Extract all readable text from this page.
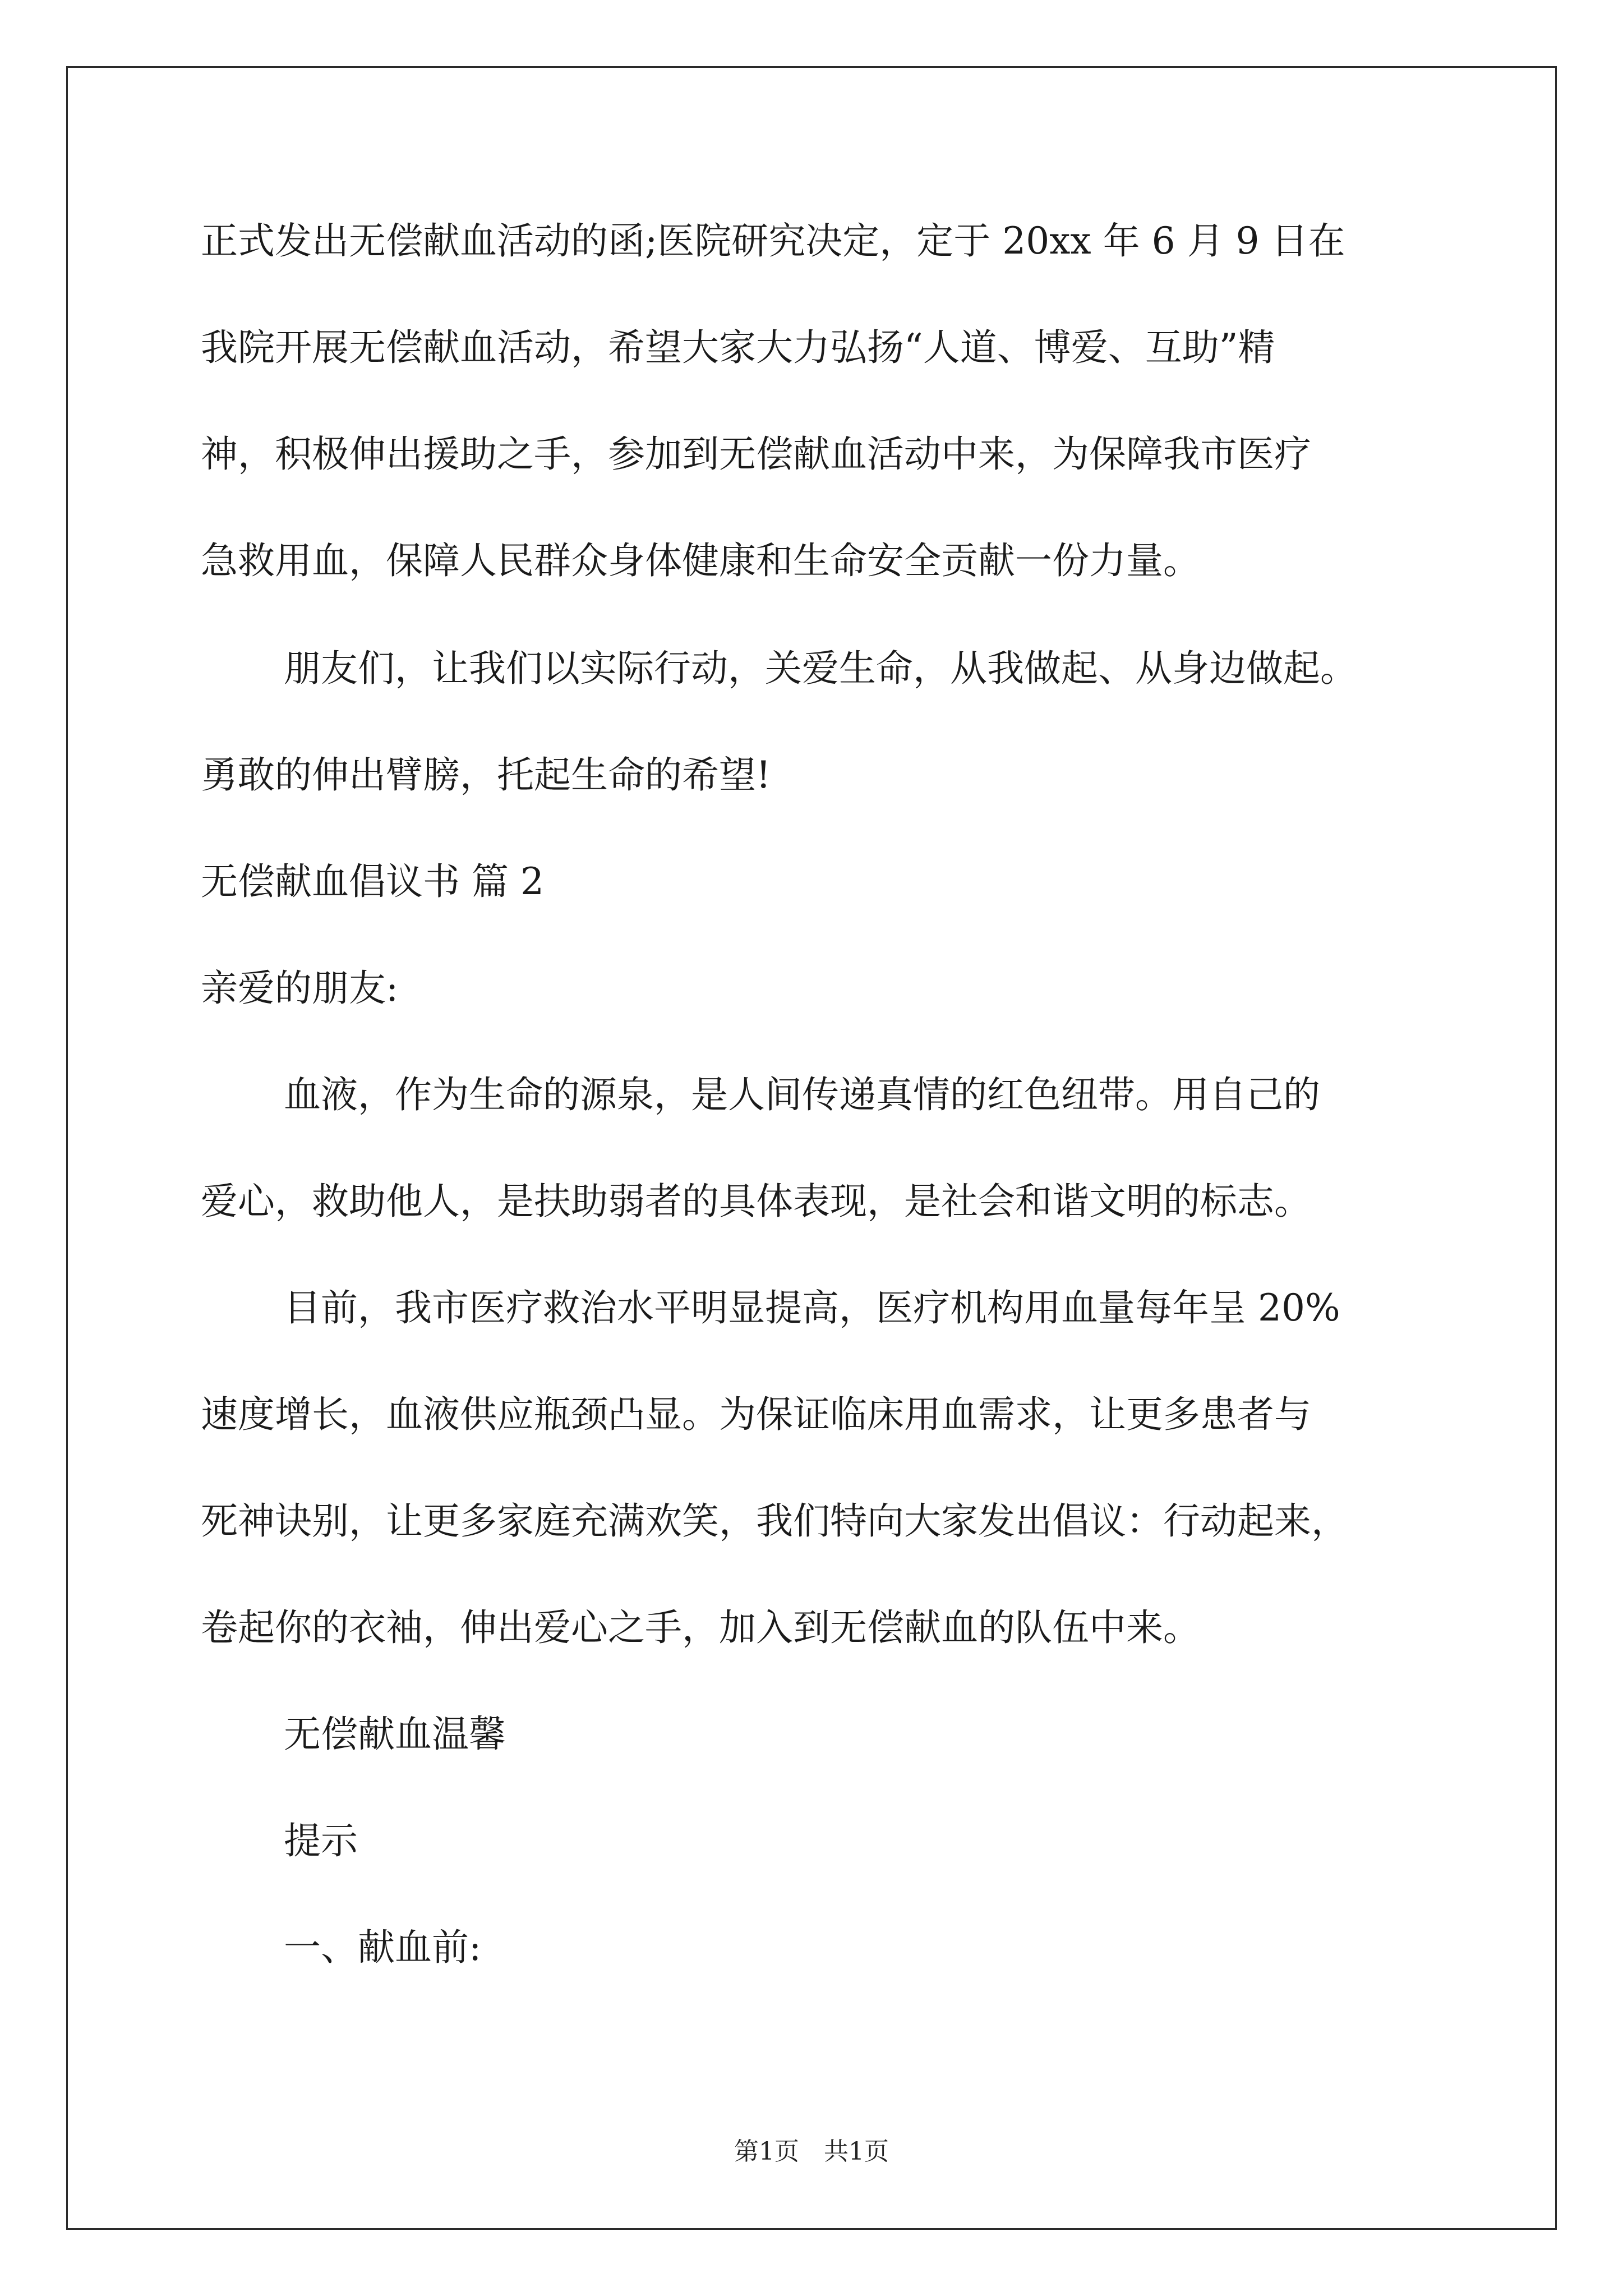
正式发出无偿献血活动的函;医院研究决定，定于 20xx 年 6 月 9 日在
我院开展无偿献血活动，希望大家大力弘扬“人道、博爱、互助”精
神，积极伸出援助之手，参加到无偿献血活动中来，为保障我市医疗
急救用血，保障人民群众身体健康和生命安全贡献一份力量。
朋友们，让我们以实际行动，关爱生命，从我做起、从身边做起。
勇敢的伸出臂膀，托起生命的希望!
无偿献血倡议书 篇 2
亲爱的朋友:
血液，作为生命的源泉，是人间传递真情的红色纽带。用自己的
爱心，救助他人，是扶助弱者的具体表现，是社会和谐文明的标志。
目前，我市医疗救治水平明显提高，医疗机构用血量每年呈 20%
速度增长，血液供应瓶颈凸显。为保证临床用血需求，让更多患者与
死神诀别，让更多家庭充满欢笑，我们特向大家发出倡议：行动起来，
卷起你的衣袖，伸出爱心之手，加入到无偿献血的队伍中来。
无偿献血温馨
提示
一、献血前:
第1页 共1页
